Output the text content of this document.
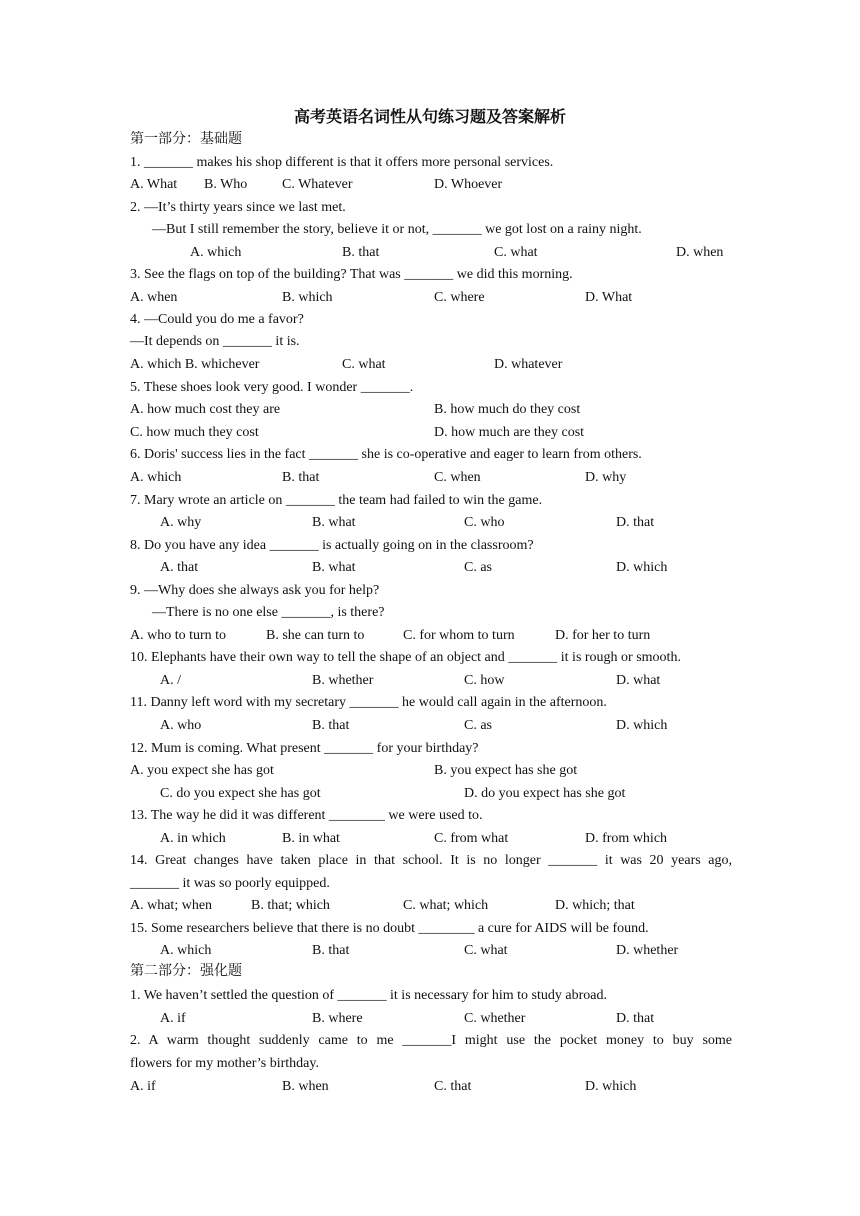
高考英语名词性从句练习题及答案解析
第一部分：基础题
1. _______ makes his shop different is that it offers more personal services.
A. What B. Who C. Whatever	D. Whoever
2. —It’s thirty years since we last met.
—But I still remember the story, believe it or not, _______ we got lost on a rainy night.
A. which	B. that	C. what	D. when
3. See the flags on top of the building? That was _______ we did this morning.
A. when	B. which	C. where	D. What
4. —Could you do me a favor?
—It depends on _______ it is.
A. which B. whichever	C. what	D. whatever
5. These shoes look very good. I wonder _______.
A. how much cost they are	B. how much do they cost
C. how much they cost	D. how much are they cost
6. Doris' success lies in the fact _______ she is co-operative and eager to learn from others.
A. which	B. that	C. when	D. why
7. Mary wrote an article on _______ the team had failed to win the game.
A. why	B. what	C. who	D. that
8. Do you have any idea _______ is actually going on in the classroom?
A. that	B. what	C. as	D. which
9. —Why does she always ask you for help?
—There is no one else _______, is there?
A. who to turn to	B. she can turn to	C. for whom to turn	D. for her to turn
10. Elephants have their own way to tell the shape of an object and _______ it is rough or smooth.
A. /	B. whether	C. how	D. what
11. Danny left word with my secretary _______ he would call again in the afternoon.
A. who	B. that	C. as	D. which
12. Mum is coming. What present _______ for your birthday?
A. you expect she has got	B. you expect has she got
C. do you expect she has got	D. do you expect has she got
13. The way he did it was different ________ we were used to.
A. in which	B. in what	C. from what	D. from which
14. Great changes have taken place in that school. It is no longer _______ it was 20 years ago,
_______ it was so poorly equipped.
A. what; when	B. that; which	C. what; which	D. which; that
15. Some researchers believe that there is no doubt ________ a cure for AIDS will be found.
A. which	B. that	C. what	D. whether
第二部分：强化题
1. We haven’t settled the question of _______ it is necessary for him to study abroad.
A. if	B. where	C. whether	D. that
2. A warm thought suddenly came to me _______I might use the pocket money to buy some
flowers for my mother’s birthday.
A. if	B. when	C. that	D. which
